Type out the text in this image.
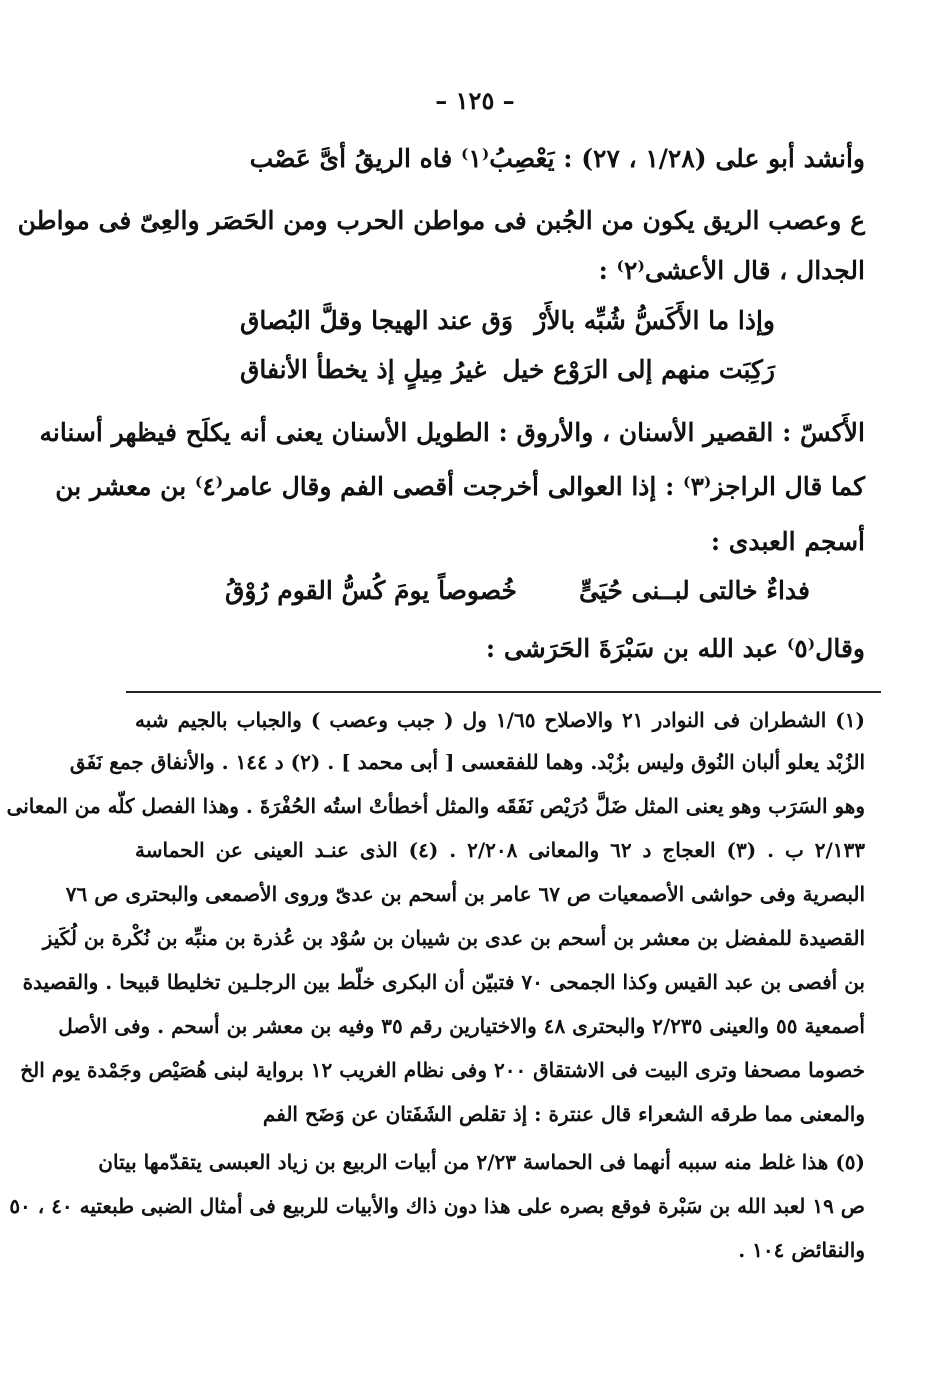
– ١٢٥ –
وأنشد أبو على (١/٢٨ ، ٢٧) : يَعْصِبُ⁽١⁾ فاه الريقُ أىَّ عَصْب
ع وعصب الريق يكون من الجُبن فى مواطن الحرب ومن الحَصَر والعِىّ فى مواطن
الجدال ، قال الأعشى⁽٢⁾ :
وإذا ما الأَكَسُّ شُبِّه بالأَرْ
وَق عند الهيجا وقلَّ البُصاق
رَكِبَت منهم إلى الرَوْع خيل
غيرُ مِيلٍ إذ يخطأ الأنفاق
الأَكسّ : القصير الأسنان ، والأروق : الطويل الأسنان يعنى أنه يكلَح فيظهر أسنانه
كما قال الراجز⁽٣⁾ : إذا العوالى أخرجت أقصى الفم وقال عامر⁽٤⁾ بن معشر بن
أسجم العبدى :
فداءٌ خالتى لبــنى حُيَىٍّ
خُصوصاً يومَ كُسُّ القوم رُوْقُ
وقال⁽٥⁾ عبد الله بن سَبْرَةَ الحَرَشى :
(١) الشطران فى النوادر ٢١ والاصلاح ١/٦٥ ول ( جبب وعصب ) والجباب بالجيم شبه
الزُبْد يعلو ألبان النُوق وليس بزُبْد. وهما للفقعسى [ أبى محمد ] . (٢) د ١٤٤ . والأنفاق جمع نَفَق
وهو السَرَب وهو يعنى المثل ضَلَّ دُرَيْص نَفَقَه والمثل أخطأتْ استُه الحُفْرَةَ . وهذا الفصل كلّه من المعانى
٢/١٣٣ ب . (٣) العجاج د ٦٢ والمعانى ٢/٢٠٨ . (٤) الذى عنـد العينى عن الحماسة
البصرية وفى حواشى الأصمعيات ص ٦٧ عامر بن أسحم بن عدىّ وروى الأصمعى والبحترى ص ٧٦
القصيدة للمفضل بن معشر بن أسحم بن عدى بن شيبان بن سُوْد بن عُذرة بن منبِّه بن نُكْرة بن لُكَيز
بن أفصى بن عبد القيس وكذا الجمحى ٧٠ فتبيّن أن البكرى خلّط بين الرجلـين تخليطا قبيحا . والقصيدة
أصمعية ٥٥ والعينى ٢/٢٣٥ والبحترى ٤٨ والاختيارين رقم ٣٥ وفيه بن معشر بن أسحم . وفى الأصل
خصوما مصحفا وترى البيت فى الاشتقاق ٢٠٠ وفى نظام الغريب ١٢ برواية لبنى هُصَيْص وجَمْدة يوم الخ
والمعنى مما طرقه الشعراء قال عنترة : إذ تقلص الشَفَتان عن وَضَح الفم
(٥) هذا غلط منه سببه أنهما فى الحماسة ٢/٢٣ من أبيات الربيع بن زياد العبسى يتقدّمها بيتان
ص ١٩ لعبد الله بن سَبْرة فوقع بصره على هذا دون ذاك والأبيات للربيع فى أمثال الضبى طبعتيه ٤٠ ، ٥٠
والنقائض ١٠٤ .
